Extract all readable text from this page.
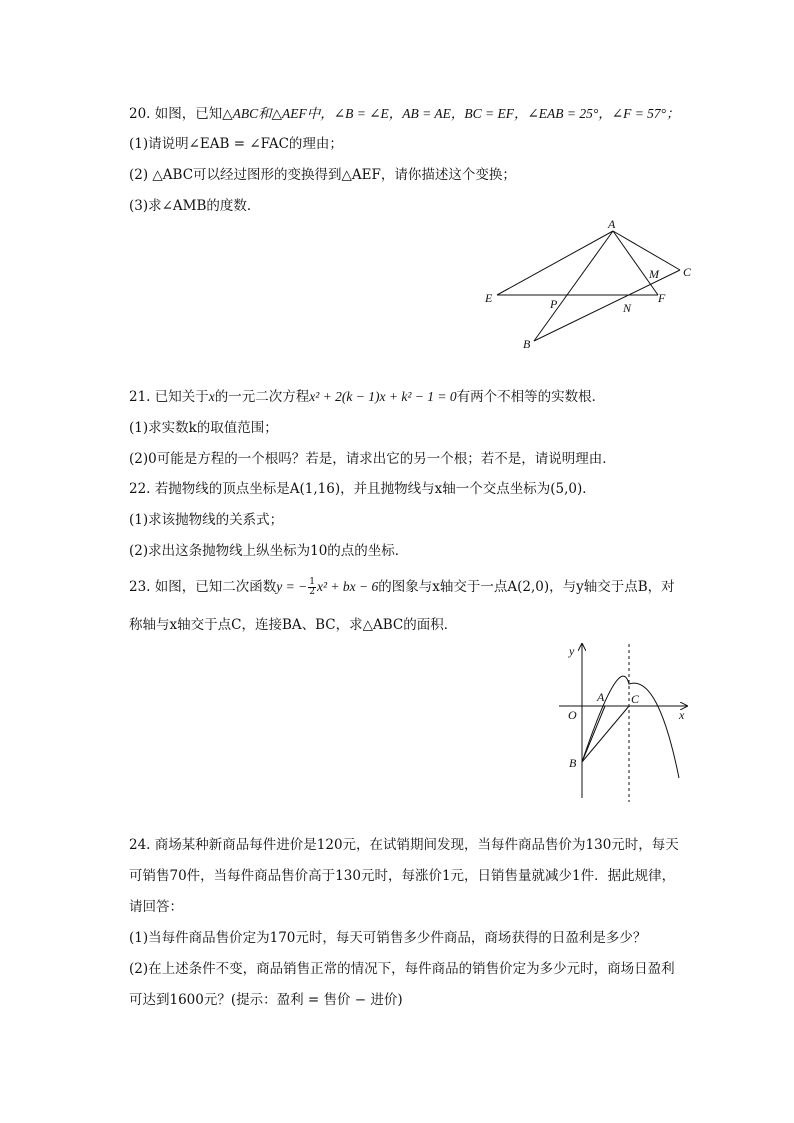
20. 如图，已知△ABC和△AEF中，∠B = ∠E，AB = AE，BC = EF，∠EAB = 25°，∠F = 57°；
(1)请说明∠EAB = ∠FAC的理由；
(2) △ABC可以经过图形的变换得到△AEF，请你描述这个变换；
(3)求∠AMB的度数．
A
E	F
C
M
N
P
B
21. 已知关于x的一元二次方程x² + 2(k − 1)x + k² − 1 = 0有两个不相等的实数根．
(1)求实数k的取值范围；
(2)0可能是方程的一个根吗？若是，请求出它的另一个根；若不是，请说明理由．
22. 若抛物线的顶点坐标是A(1,16)，并且抛物线与x轴一个交点坐标为(5,0)．
(1)求该抛物线的关系式；
(2)求出这条抛物线上纵坐标为10的点的坐标．
23. 如图，已知二次函数y = − $\frac{1}{2} x^2$ + bx − 6的图象与x轴交于一点A(2,0)，与y轴交于点B，对
称轴与x轴交于点C，连接BA、BC，求△ABC的面积．
y
x
O
A C
B
24. 商场某种新商品每件进价是120元，在试销期间发现，当每件商品售价为130元时，每天
可销售70件，当每件商品售价高于130元时，每涨价1元，日销售量就减少1件．据此规律，
请回答：
(1)当每件商品售价定为170元时，每天可销售多少件商品，商场获得的日盈利是多少？
(2)在上述条件不变，商品销售正常的情况下，每件商品的销售价定为多少元时，商场日盈利
可达到1600元？(提示：盈利 = 售价 − 进价)
